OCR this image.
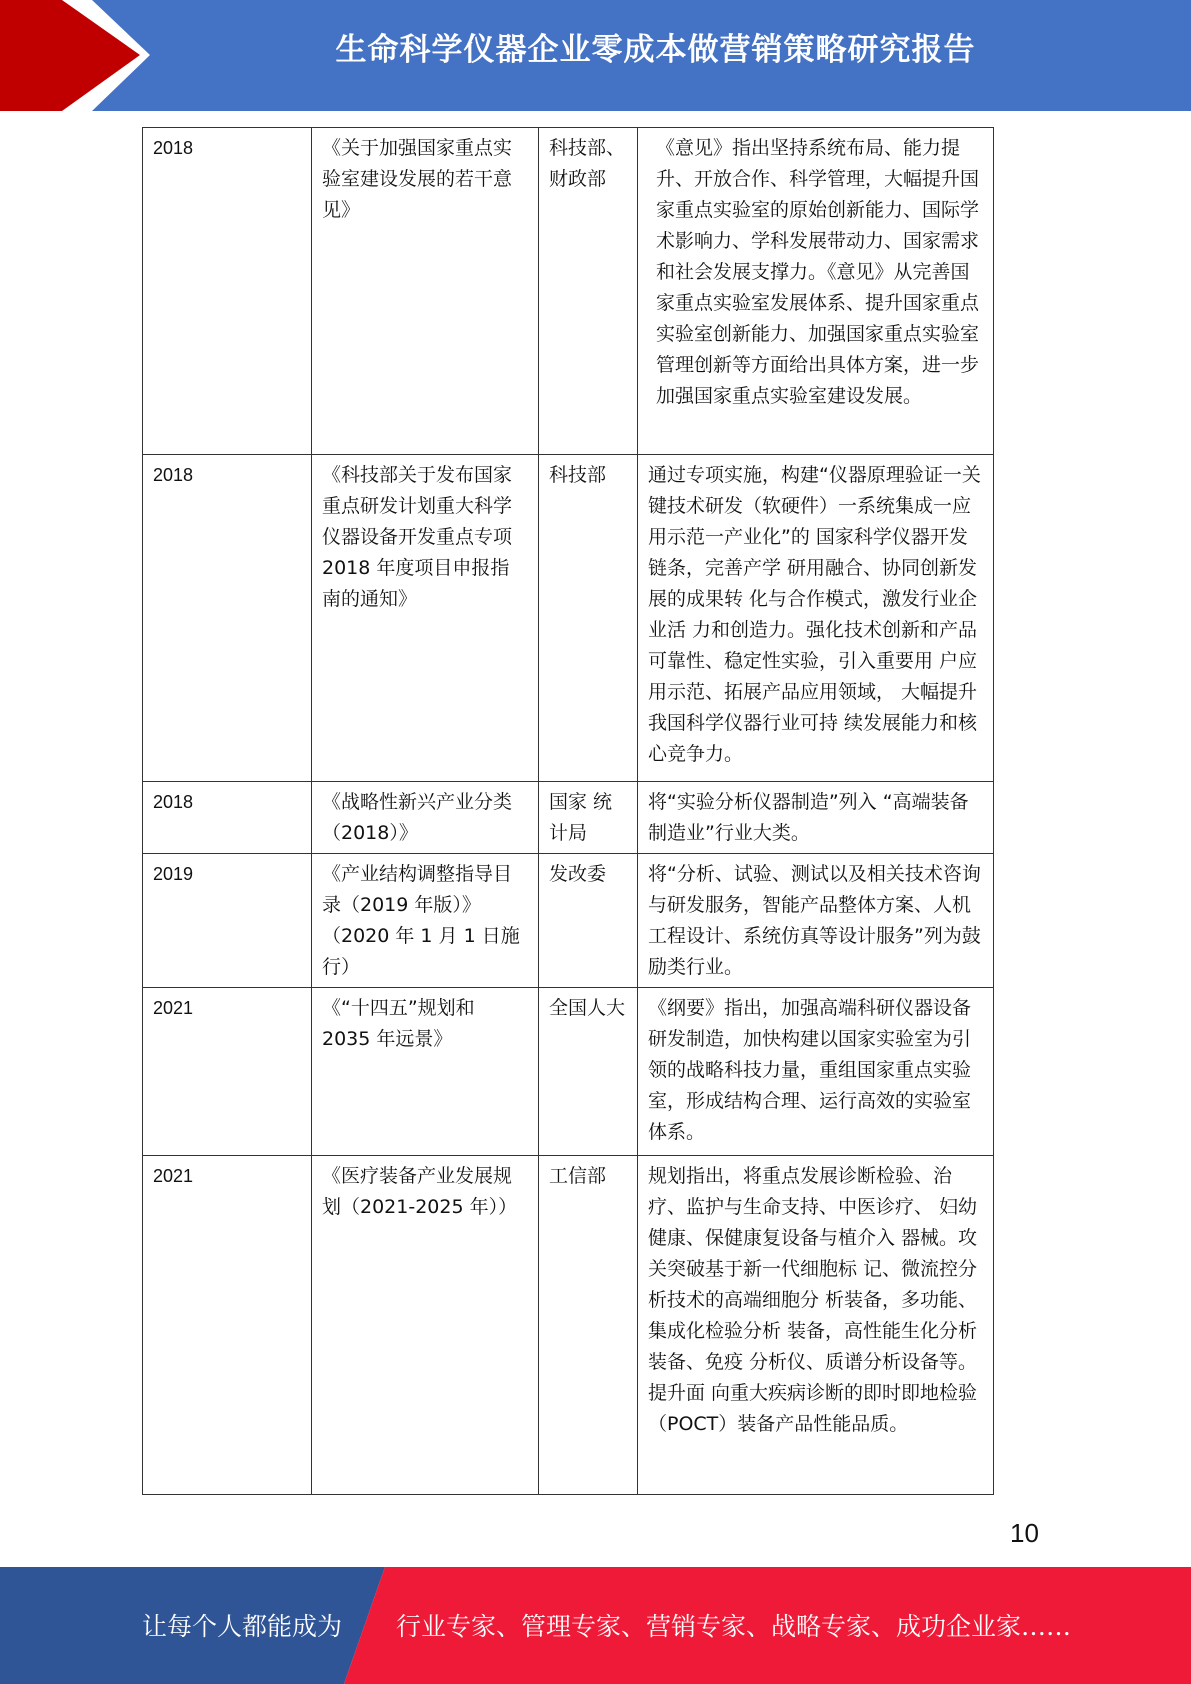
生命科学仪器企业零成本做营销策略研究报告
2018	《关于加强国家重点实验室建设发展的若干意见》	科技部、财政部	《意见》指出坚持系统布局、能力提升、开放合作、科学管理，大幅提升国家重点实验室的原始创新能力、国际学术影响力、学科发展带动力、国家需求和社会发展支撑力。《意见》从完善国家重点实验室发展体系、提升国家重点实验室创新能力、加强国家重点实验室管理创新等方面给出具体方案，进一步加强国家重点实验室建设发展。
2018	《科技部关于发布国家重点研发计划重大科学仪器设备开发重点专项 2018 年度项目申报指南的通知》	科技部	通过专项实施，构建“仪器原理验证一关键技术研发（软硬件）一系统集成一应用示范一产业化”的 国家科学仪器开发链条，完善产学 研用融合、协同创新发展的成果转 化与合作模式，激发行业企业活 力和创造力。强化技术创新和产品 可靠性、稳定性实验，引入重要用 户应用示范、拓展产品应用领域， 大幅提升我国科学仪器行业可持 续发展能力和核心竞争力。

2018	《战略性新兴产业分类（2018）》	国家 统计局	将“实验分析仪器制造”列入 “高端装备制造业”行业大类。
2019	《产业结构调整指导目录（2019 年版）》（2020 年 1 月 1 日施行）	发改委	将“分析、试验、测试以及相关技术咨询与研发服务，智能产品整体方案、人机工程设计、系统仿真等设计服务”列为鼓励类行业。
2021	《“十四五”规划和 2035 年远景》	全国人大	《纲要》指出，加强高端科研仪器设备研发制造，加快构建以国家实验室为引领的战略科技力量，重组国家重点实验室，形成结构合理、运行高效的实验室体系。
2021	《医疗装备产业发展规划（2021-2025 年））	工信部	规划指出，将重点发展诊断检验、治疗、监护与生命支持、中医诊疗、 妇幼健康、保健康复设备与植介入 器械。攻关突破基于新一代细胞标 记、微流控分析技术的高端细胞分 析装备，多功能、集成化检验分析 装备，高性能生化分析装备、免疫 分析仪、质谱分析设备等。提升面 向重大疾病诊断的即时即地检验（POCT）装备产品性能品质。
10
让每个人都能成为 行业专家、管理专家、营销专家、战略专家、成功企业家……
